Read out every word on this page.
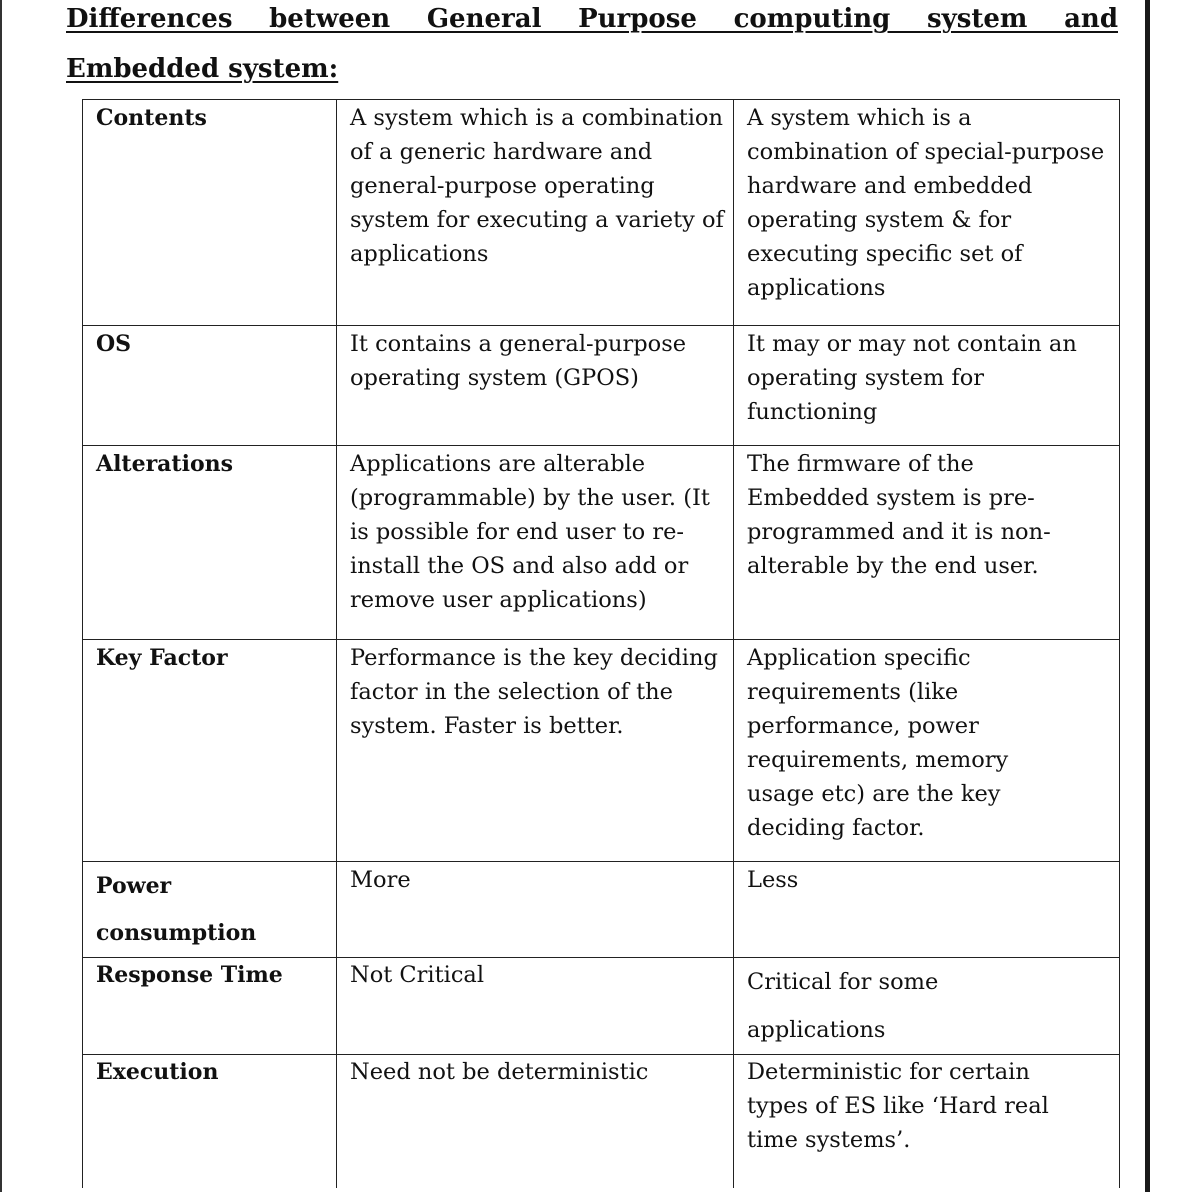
Differences between General Purpose computing system and
Embedded system:
Contents	A system which is a combination of a generic hardware and general-purpose operating system for executing a variety of applications	A system which is a combination of special-purpose hardware and embedded operating system & for executing specific set of applications
OS	It contains a general-purpose operating system (GPOS)	It may or may not contain an operating system for functioning
Alterations	Applications are alterable (programmable) by the user. (It is possible for end user to re-install the OS and also add or remove user applications)	The firmware of the Embedded system is pre-programmed and it is non-alterable by the end user.
Key Factor	Performance is the key deciding factor in the selection of the system. Faster is better.	Application specific requirements (like performance, power requirements, memory usage etc) are the key deciding factor.
Power consumption	More	Less
Response Time	Not Critical	Critical for some applications
Execution	Need not be deterministic	Deterministic for certain types of ES like ‘Hard real time systems’.
